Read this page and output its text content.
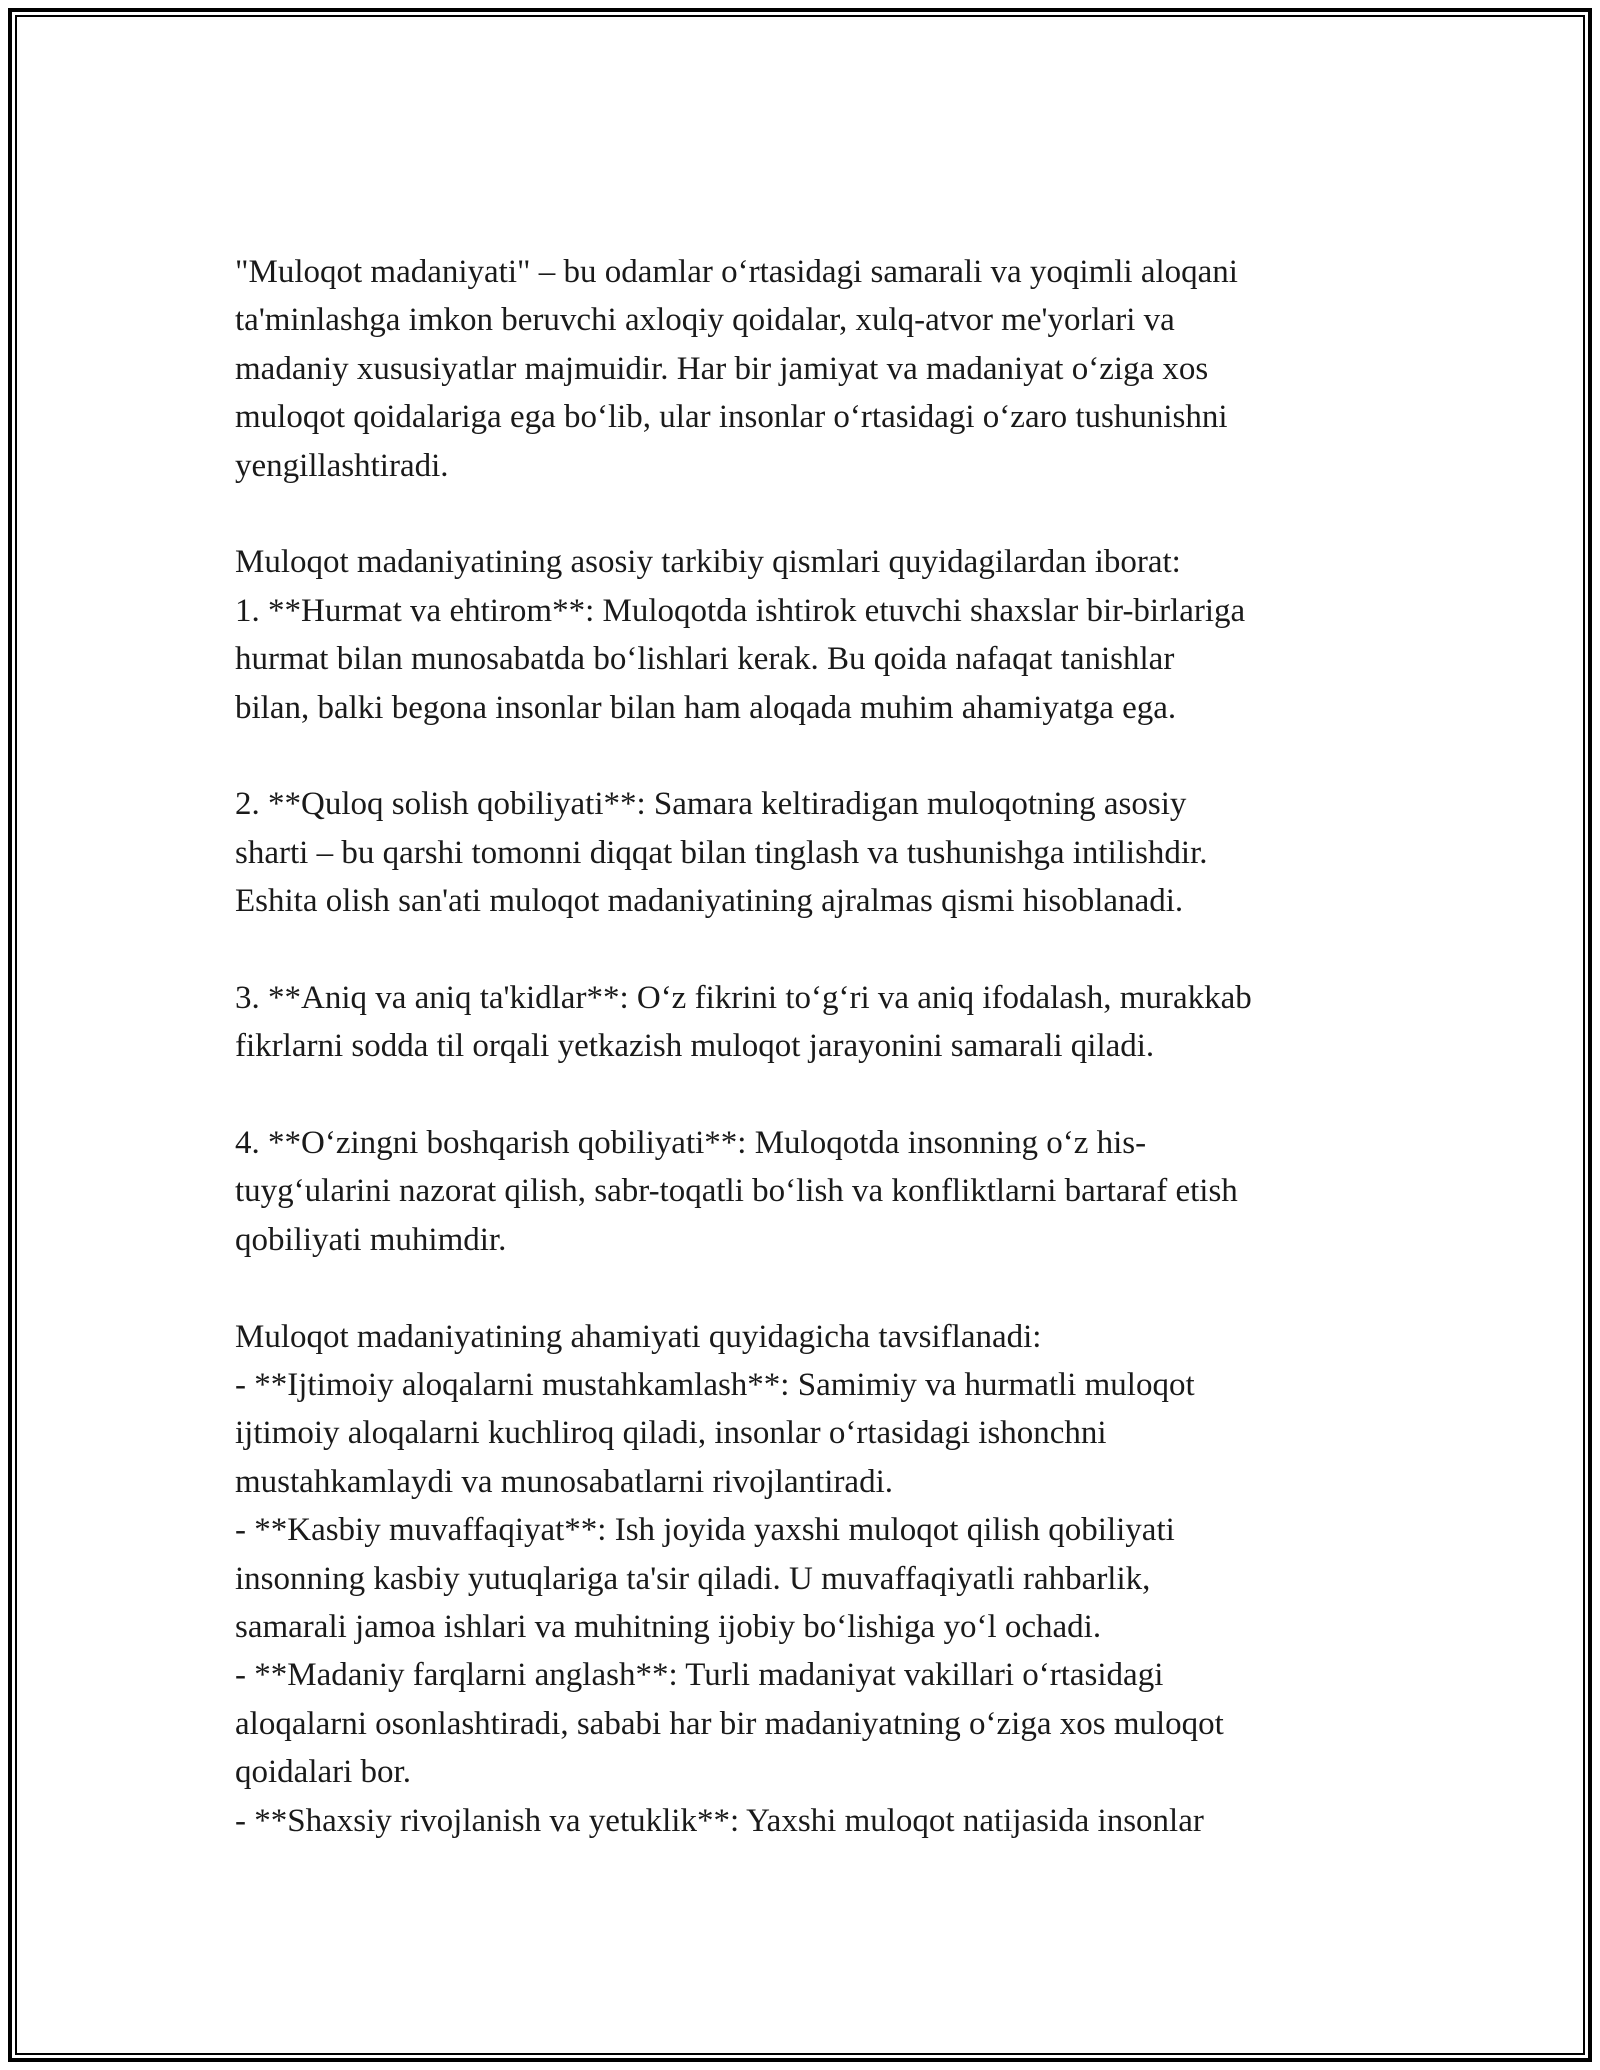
"Muloqot madaniyati" – bu odamlar oʻrtasidagi samarali va yoqimli aloqani
ta'minlashga imkon beruvchi axloqiy qoidalar, xulq-atvor me'yorlari va
madaniy xususiyatlar majmuidir. Har bir jamiyat va madaniyat oʻziga xos
muloqot qoidalariga ega boʻlib, ular insonlar oʻrtasidagi oʻzaro tushunishni
yengillashtiradi.
Muloqot madaniyatining asosiy tarkibiy qismlari quyidagilardan iborat:
1. **Hurmat va ehtirom**: Muloqotda ishtirok etuvchi shaxslar bir-birlariga
hurmat bilan munosabatda boʻlishlari kerak. Bu qoida nafaqat tanishlar
bilan, balki begona insonlar bilan ham aloqada muhim ahamiyatga ega.
2. **Quloq solish qobiliyati**: Samara keltiradigan muloqotning asosiy
sharti – bu qarshi tomonni diqqat bilan tinglash va tushunishga intilishdir.
Eshita olish san'ati muloqot madaniyatining ajralmas qismi hisoblanadi.
3. **Aniq va aniq ta'kidlar**: Oʻz fikrini toʻgʻri va aniq ifodalash, murakkab
fikrlarni sodda til orqali yetkazish muloqot jarayonini samarali qiladi.
4. **Oʻzingni boshqarish qobiliyati**: Muloqotda insonning oʻz his-
tuygʻularini nazorat qilish, sabr-toqatli boʻlish va konfliktlarni bartaraf etish
qobiliyati muhimdir.
Muloqot madaniyatining ahamiyati quyidagicha tavsiflanadi:
- **Ijtimoiy aloqalarni mustahkamlash**: Samimiy va hurmatli muloqot
ijtimoiy aloqalarni kuchliroq qiladi, insonlar oʻrtasidagi ishonchni
mustahkamlaydi va munosabatlarni rivojlantiradi.
- **Kasbiy muvaffaqiyat**: Ish joyida yaxshi muloqot qilish qobiliyati
insonning kasbiy yutuqlariga ta'sir qiladi. U muvaffaqiyatli rahbarlik,
samarali jamoa ishlari va muhitning ijobiy boʻlishiga yoʻl ochadi.
- **Madaniy farqlarni anglash**: Turli madaniyat vakillari oʻrtasidagi
aloqalarni osonlashtiradi, sababi har bir madaniyatning oʻziga xos muloqot
qoidalari bor.
- **Shaxsiy rivojlanish va yetuklik**: Yaxshi muloqot natijasida insonlar
